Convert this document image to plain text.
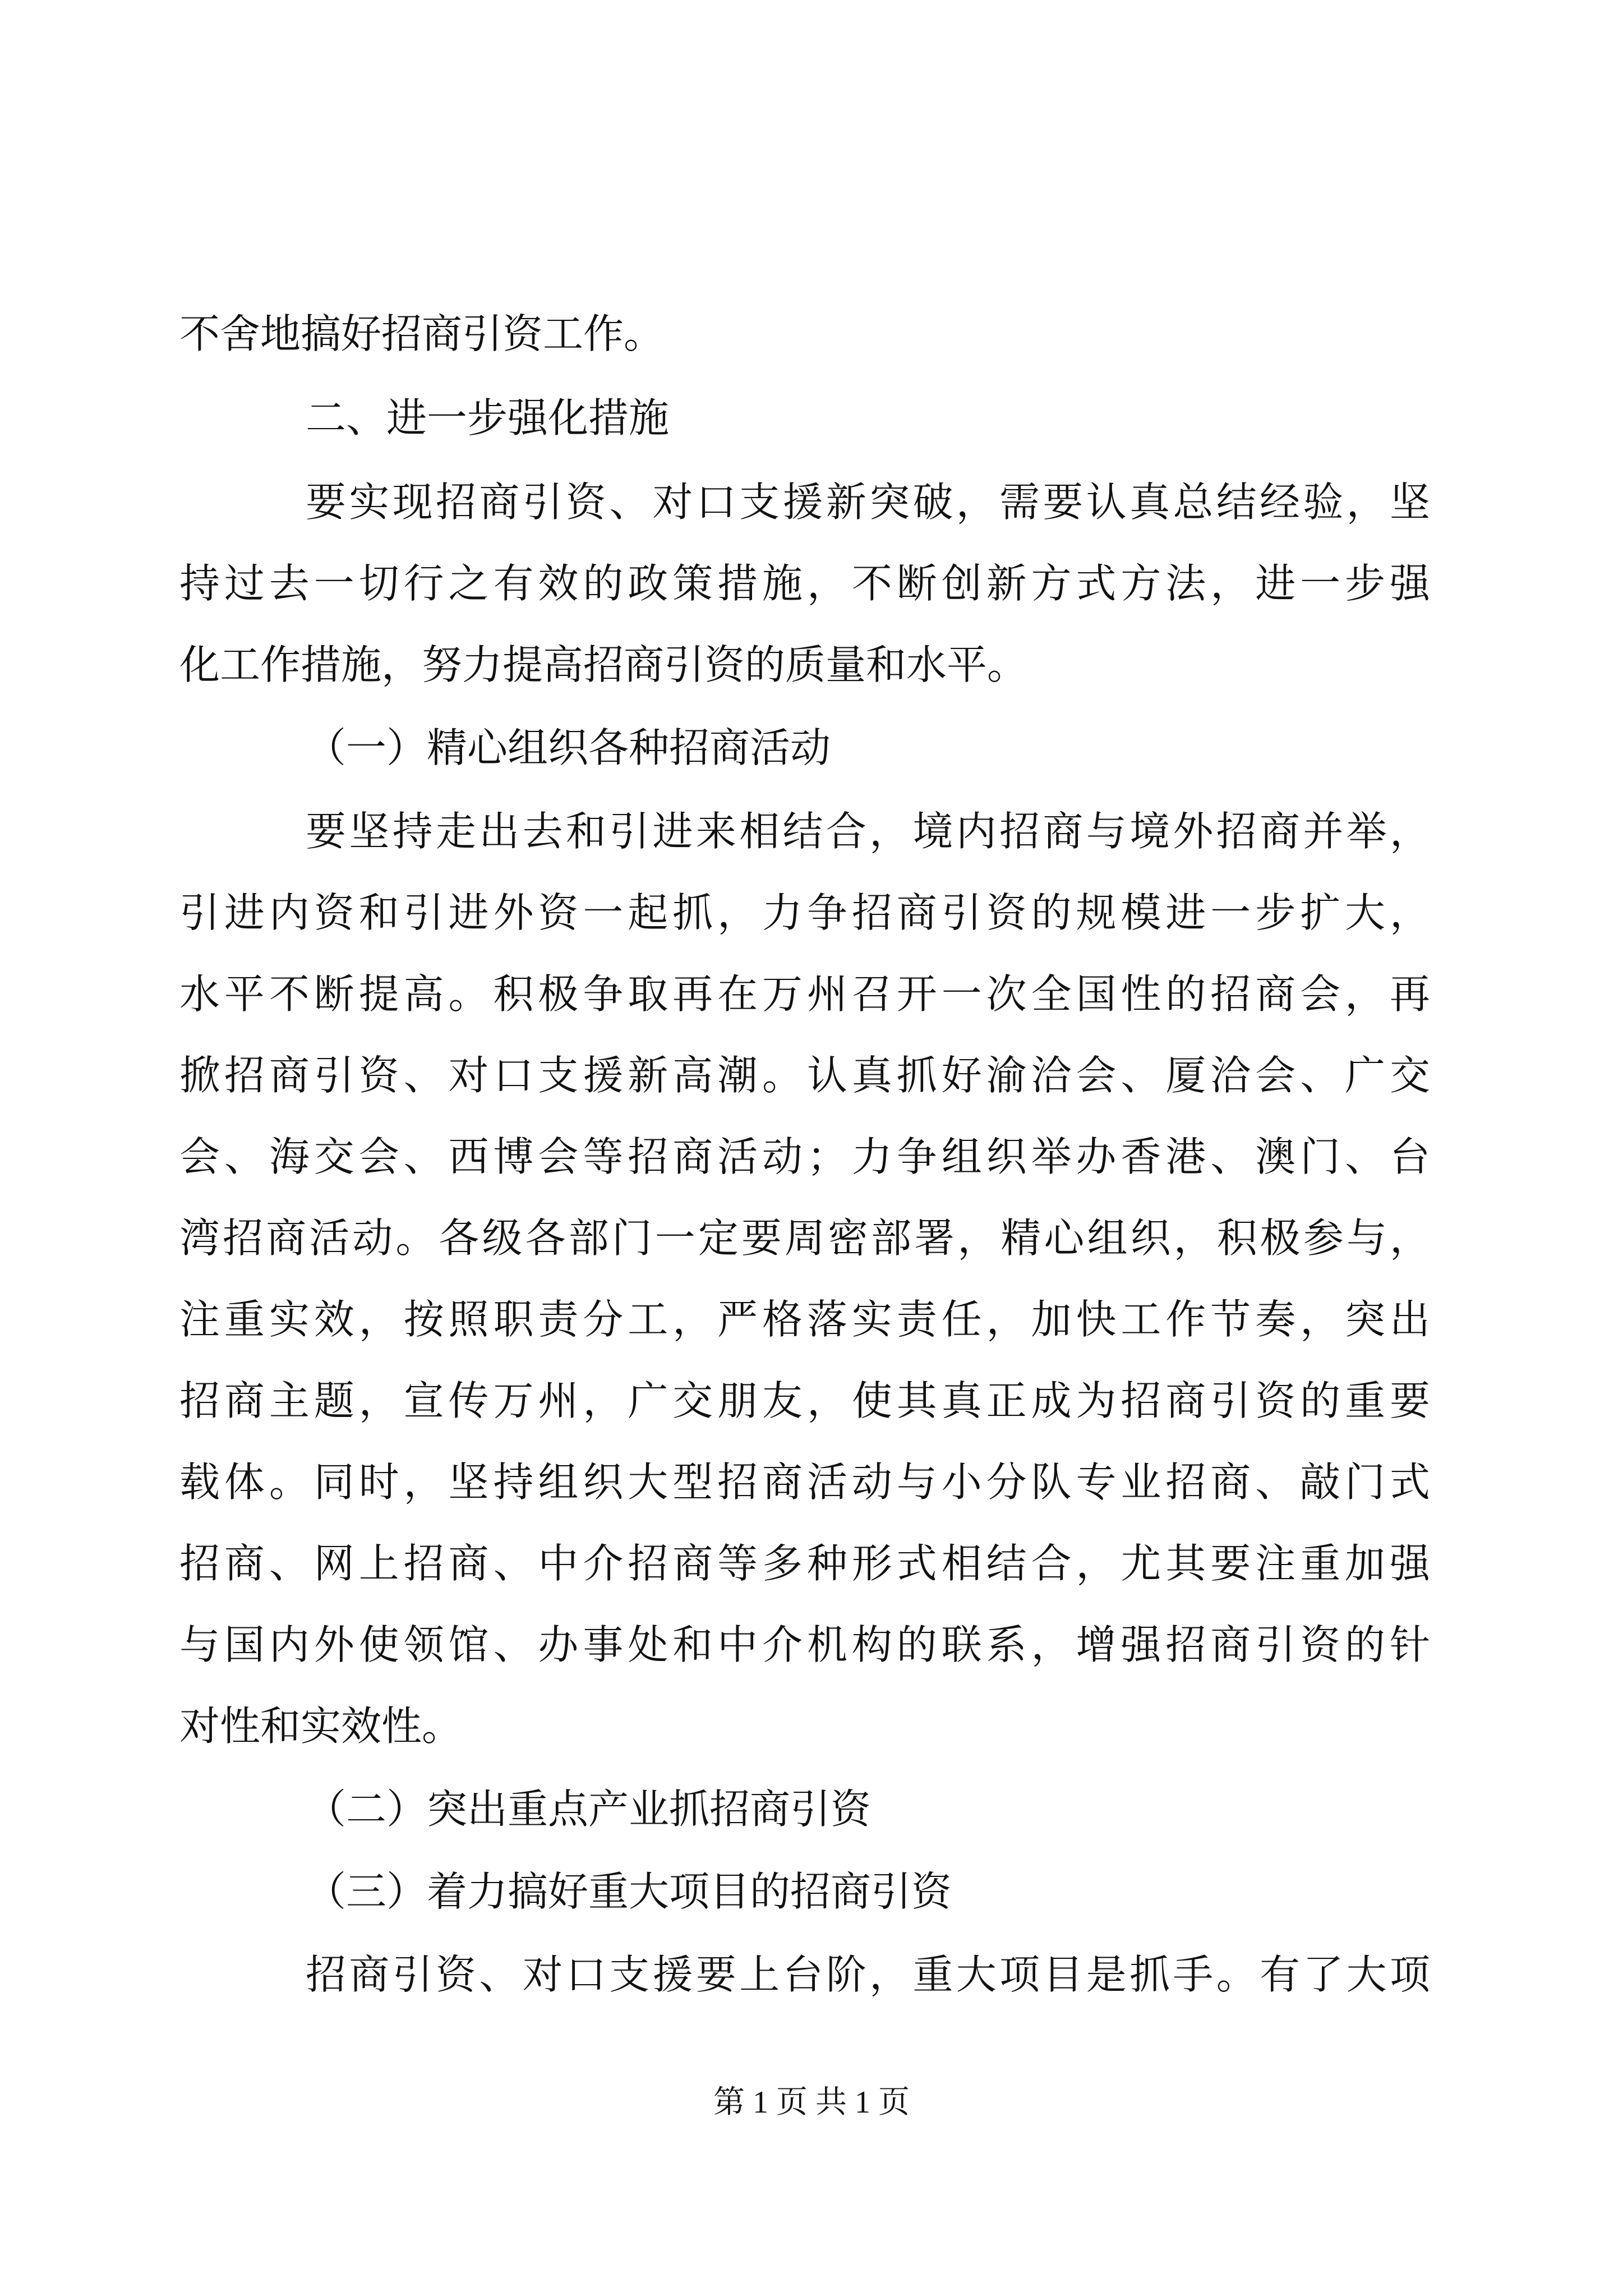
不舍地搞好招商引资工作。
二、进一步强化措施
要实现招商引资、对口支援新突破，需要认真总结经验，坚
持过去一切行之有效的政策措施，不断创新方式方法，进一步强
化工作措施，努力提高招商引资的质量和水平。
（一）精心组织各种招商活动
要坚持走出去和引进来相结合，境内招商与境外招商并举，
引进内资和引进外资一起抓，力争招商引资的规模进一步扩大，
水平不断提高。积极争取再在万州召开一次全国性的招商会，再
掀招商引资、对口支援新高潮。认真抓好渝洽会、厦洽会、广交
会、海交会、西博会等招商活动；力争组织举办香港、澳门、台
湾招商活动。各级各部门一定要周密部署，精心组织，积极参与，
注重实效，按照职责分工，严格落实责任，加快工作节奏，突出
招商主题，宣传万州，广交朋友，使其真正成为招商引资的重要
载体。同时，坚持组织大型招商活动与小分队专业招商、敲门式
招商、网上招商、中介招商等多种形式相结合，尤其要注重加强
与国内外使领馆、办事处和中介机构的联系，增强招商引资的针
对性和实效性。
（二）突出重点产业抓招商引资
（三）着力搞好重大项目的招商引资
招商引资、对口支援要上台阶，重大项目是抓手。有了大项
第 1 页 共 1 页
